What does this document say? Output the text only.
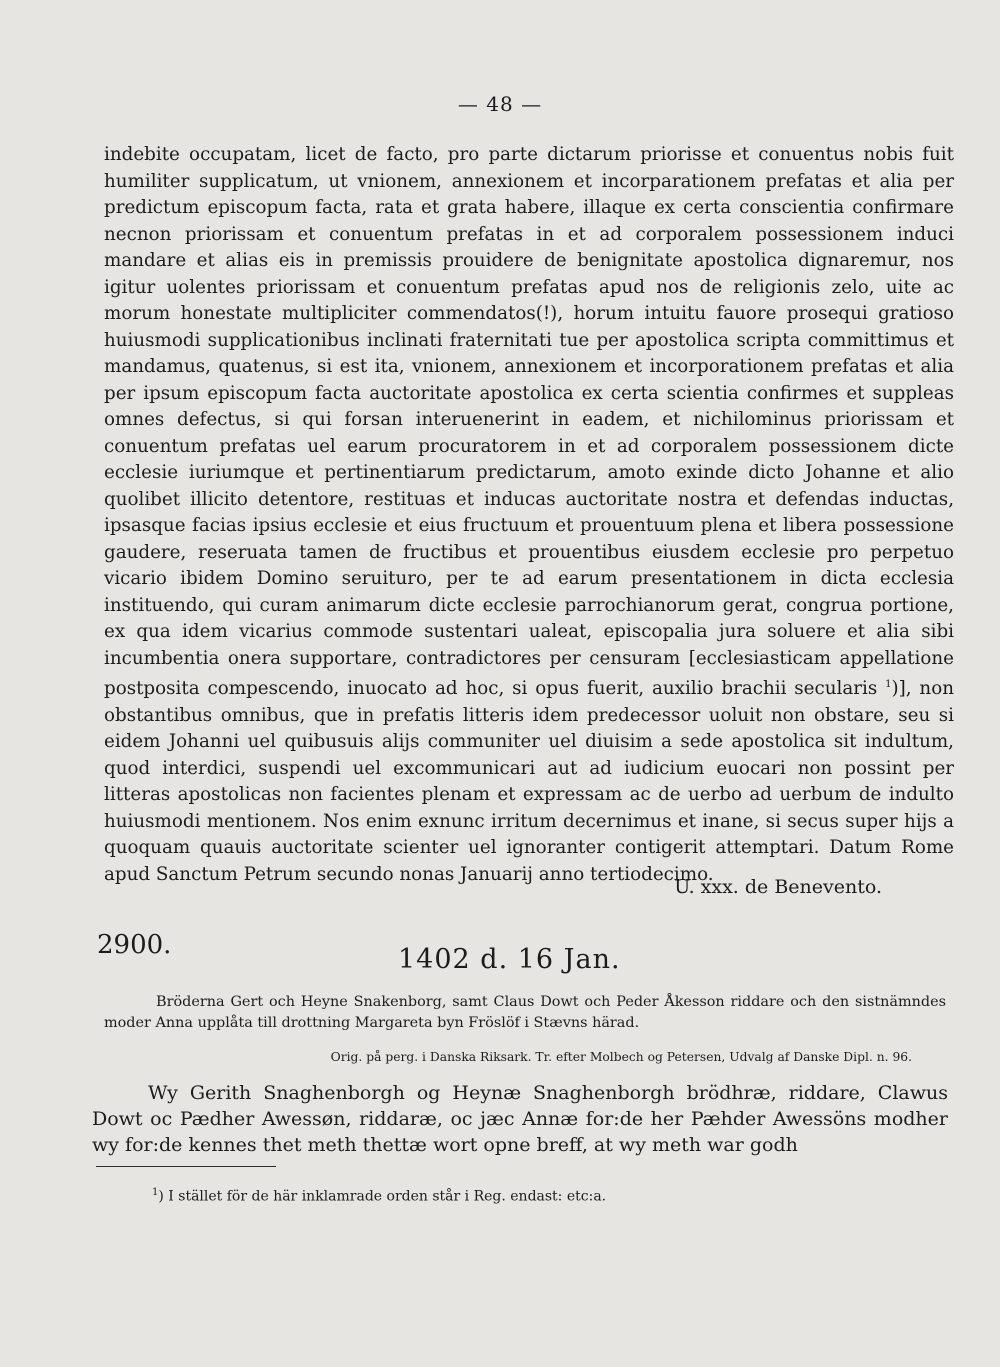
— 48 —

indebite occupatam, licet de facto, pro parte dictarum priorisse et conuentus nobis fuit humiliter supplicatum, ut vnionem, annexionem et incorparationem prefatas et alia per predictum episcopum facta, rata et grata habere, illaque ex certa conscientia confirmare necnon priorissam et conuentum prefatas in et ad corporalem possessionem induci mandare et alias eis in premissis prouidere de benignitate apostolica dignaremur, nos igitur uolentes priorissam et conuentum prefatas apud nos de religionis zelo, uite ac morum honestate multipliciter commendatos(!), horum intuitu fauore prosequi gratioso huiusmodi supplicationibus inclinati fraternitati tue per apostolica scripta committimus et mandamus, quatenus, si est ita, vnionem, annexionem et incorporationem prefatas et alia per ipsum episcopum facta auctoritate apostolica ex certa scientia confirmes et suppleas omnes defectus, si qui forsan interuenerint in eadem, et nichilominus priorissam et conuentum prefatas uel earum procuratorem in et ad corporalem possessionem dicte ecclesie iuriumque et pertinentiarum predictarum, amoto exinde dicto Johanne et alio quolibet illicito detentore, restituas et inducas auctoritate nostra et defendas inductas, ipsasque facias ipsius ecclesie et eius fructuum et prouentuum plena et libera possessione gaudere, reseruata tamen de fructibus et prouentibus eiusdem ecclesie pro perpetuo vicario ibidem Domino seruituro, per te ad earum presentationem in dicta ecclesia instituendo, qui curam animarum dicte ecclesie parrochianorum gerat, congrua portione, ex qua idem vicarius commode sustentari ualeat, episcopalia jura soluere et alia sibi incumbentia onera supportare, contradictores per censuram [ecclesiasticam appellatione postposita compescendo, inuocato ad hoc, si opus fuerit, auxilio brachii secularis $^1$)], non obstantibus omnibus, que in prefatis litteris idem predecessor uoluit non obstare, seu si eidem Johanni uel quibusuis alijs communiter uel diuisim a sede apostolica sit indultum, quod interdici, suspendi uel excommunicari aut ad iudicium euocari non possint per litteras apostolicas non facientes plenam et expressam ac de uerbo ad uerbum de indulto huiusmodi mentionem. Nos enim exnunc irritum decernimus et inane, si secus super hijs a quoquam quauis auctoritate scienter uel ignoranter contigerit attemptari. Datum Rome apud Sanctum Petrum secundo nonas Januarij anno tertiodecimo.

U. xxx. de Benevento.
2900.	1402 d. 16 Jan.

Bröderna Gert och Heyne Snakenborg, samt Claus Dowt och Peder Åkesson riddare och den sistnämndes moder Anna upplåta till drottning Margareta byn Fröslöf i Stævns härad.

Orig. på perg. i Danska Riksark. Tr. efter Molbech og Petersen, Udvalg af Danske Dipl. n. 96.

Wy Gerith Snaghenborgh og Heynæ Snaghenborgh brödhræ, riddare, Clawus Dowt oc Pædher Awessøn, riddaræ, oc jæc Annæ for:de her Pæhder Awessöns modher wy for:de kennes thet meth thettæ wort opne breff, at wy meth war godh

$^1$) I stället för de här inklamrade orden står i Reg. endast: etc:a.
